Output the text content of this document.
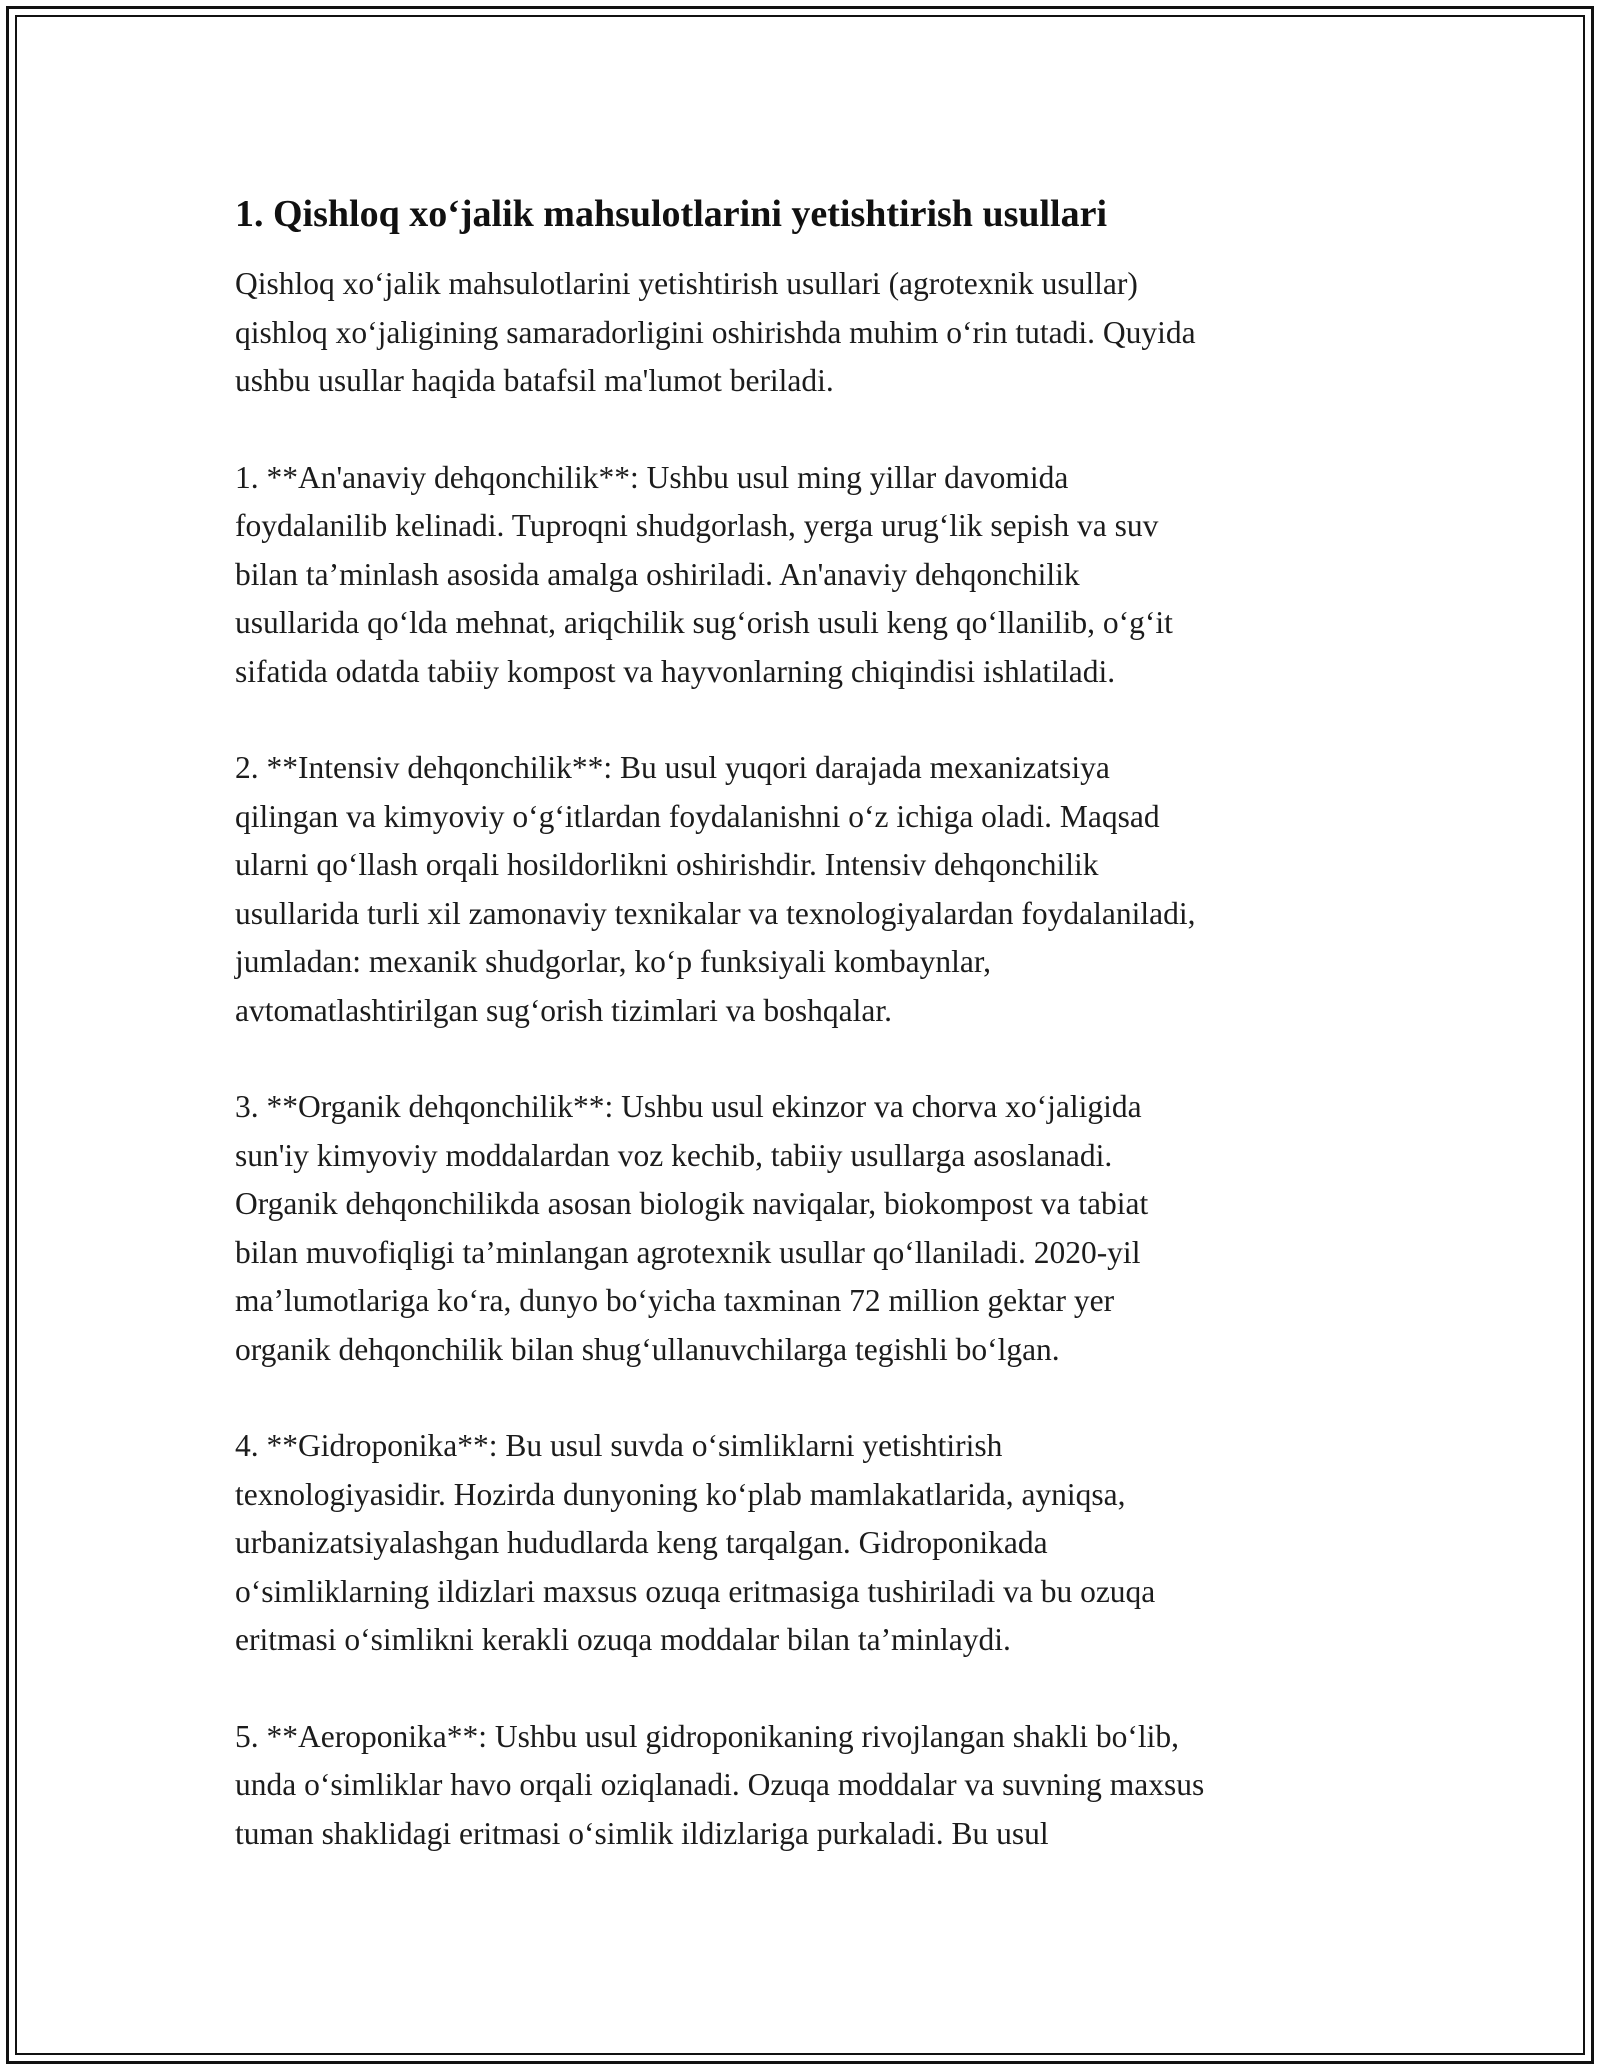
1. Qishloq xo‘jalik mahsulotlarini yetishtirish usullari

Qishloq xo‘jalik mahsulotlarini yetishtirish usullari (agrotexnik usullar)
qishloq xo‘jaligining samaradorligini oshirishda muhim o‘rin tutadi. Quyida
ushbu usullar haqida batafsil ma'lumot beriladi.

1. **An'anaviy dehqonchilik**: Ushbu usul ming yillar davomida
foydalanilib kelinadi. Tuproqni shudgorlash, yerga urug‘lik sepish va suv
bilan ta’minlash asosida amalga oshiriladi. An'anaviy dehqonchilik
usullarida qo‘lda mehnat, ariqchilik sug‘orish usuli keng qo‘llanilib, o‘g‘it
sifatida odatda tabiiy kompost va hayvonlarning chiqindisi ishlatiladi.

2. **Intensiv dehqonchilik**: Bu usul yuqori darajada mexanizatsiya
qilingan va kimyoviy o‘g‘itlardan foydalanishni o‘z ichiga oladi. Maqsad
ularni qo‘llash orqali hosildorlikni oshirishdir. Intensiv dehqonchilik
usullarida turli xil zamonaviy texnikalar va texnologiyalardan foydalaniladi,
jumladan: mexanik shudgorlar, ko‘p funksiyali kombaynlar,
avtomatlashtirilgan sug‘orish tizimlari va boshqalar.

3. **Organik dehqonchilik**: Ushbu usul ekinzor va chorva xo‘jaligida
sun'iy kimyoviy moddalardan voz kechib, tabiiy usullarga asoslanadi.
Organik dehqonchilikda asosan biologik naviqalar, biokompost va tabiat
bilan muvofiqligi ta’minlangan agrotexnik usullar qo‘llaniladi. 2020-yil
ma’lumotlariga ko‘ra, dunyo bo‘yicha taxminan 72 million gektar yer
organik dehqonchilik bilan shug‘ullanuvchilarga tegishli bo‘lgan.

4. **Gidroponika**: Bu usul suvda o‘simliklarni yetishtirish
texnologiyasidir. Hozirda dunyoning ko‘plab mamlakatlarida, ayniqsa,
urbanizatsiyalashgan hududlarda keng tarqalgan. Gidroponikada
o‘simliklarning ildizlari maxsus ozuqa eritmasiga tushiriladi va bu ozuqa
eritmasi o‘simlikni kerakli ozuqa moddalar bilan ta’minlaydi.

5. **Aeroponika**: Ushbu usul gidroponikaning rivojlangan shakli bo‘lib,
unda o‘simliklar havo orqali oziqlanadi. Ozuqa moddalar va suvning maxsus
tuman shaklidagi eritmasi o‘simlik ildizlariga purkaladi. Bu usul
